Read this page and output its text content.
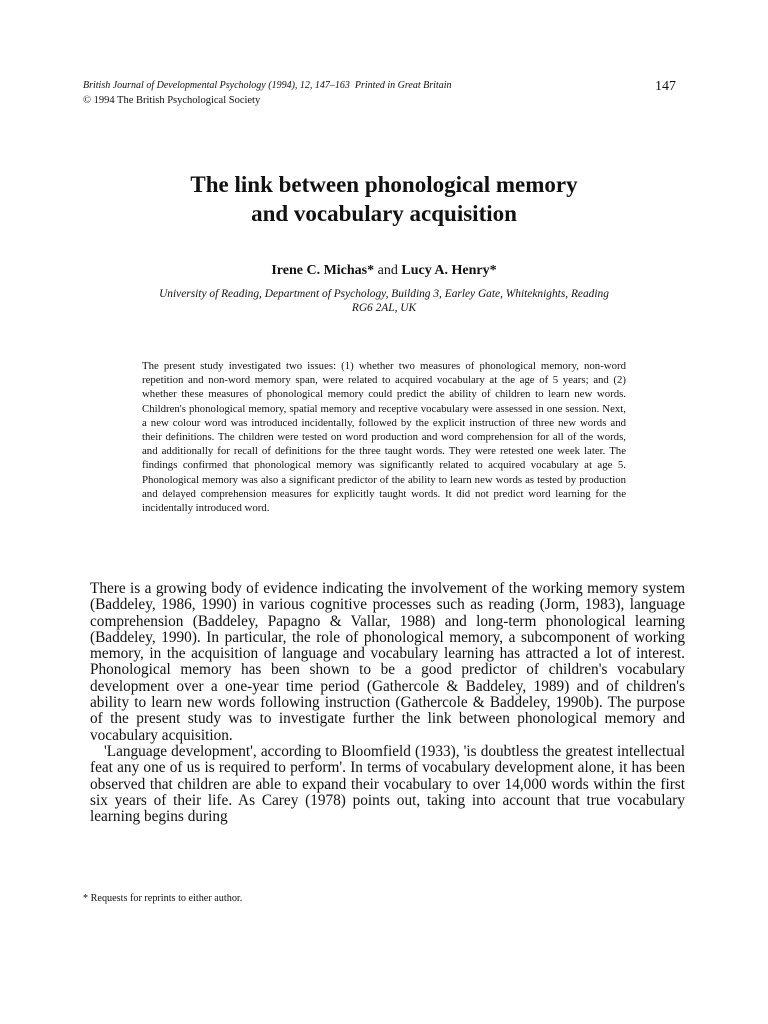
British Journal of Developmental Psychology (1994), 12, 147–163 Printed in Great Britain
© 1994 The British Psychological Society
147
The link between phonological memory
and vocabulary acquisition
Irene C. Michas* and Lucy A. Henry*
University of Reading, Department of Psychology, Building 3, Earley Gate, Whiteknights, Reading
RG6 2AL, UK

The present study investigated two issues: (1) whether two measures of phonological memory, non-word repetition and non-word memory span, were related to acquired vocabulary at the age of 5 years; and (2) whether these measures of phonological memory could predict the ability of children to learn new words. Children's phonological memory, spatial memory and receptive vocabulary were assessed in one session. Next, a new colour word was introduced incidentally, followed by the explicit instruction of three new words and their definitions. The children were tested on word production and word comprehension for all of the words, and additionally for recall of definitions for the three taught words. They were retested one week later. The findings confirmed that phonological memory was significantly related to acquired vocabulary at age 5. Phonological memory was also a significant predictor of the ability to learn new words as tested by production and delayed comprehension measures for explicitly taught words. It did not predict word learning for the incidentally introduced word.

There is a growing body of evidence indicating the involvement of the working memory system (Baddeley, 1986, 1990) in various cognitive processes such as reading (Jorm, 1983), language comprehension (Baddeley, Papagno & Vallar, 1988) and long-term phonological learning (Baddeley, 1990). In particular, the role of phonological memory, a subcomponent of working memory, in the acquisition of language and vocabulary learning has attracted a lot of interest. Phonological memory has been shown to be a good predictor of children's vocabulary development over a one-year time period (Gathercole & Baddeley, 1989) and of children's ability to learn new words following instruction (Gathercole & Baddeley, 1990b). The purpose of the present study was to investigate further the link between phonological memory and vocabulary acquisition.

'Language development', according to Bloomfield (1933), 'is doubtless the greatest intellectual feat any one of us is required to perform'. In terms of vocabulary development alone, it has been observed that children are able to expand their vocabulary to over 14,000 words within the first six years of their life. As Carey (1978) points out, taking into account that true vocabulary learning begins during

* Requests for reprints to either author.
